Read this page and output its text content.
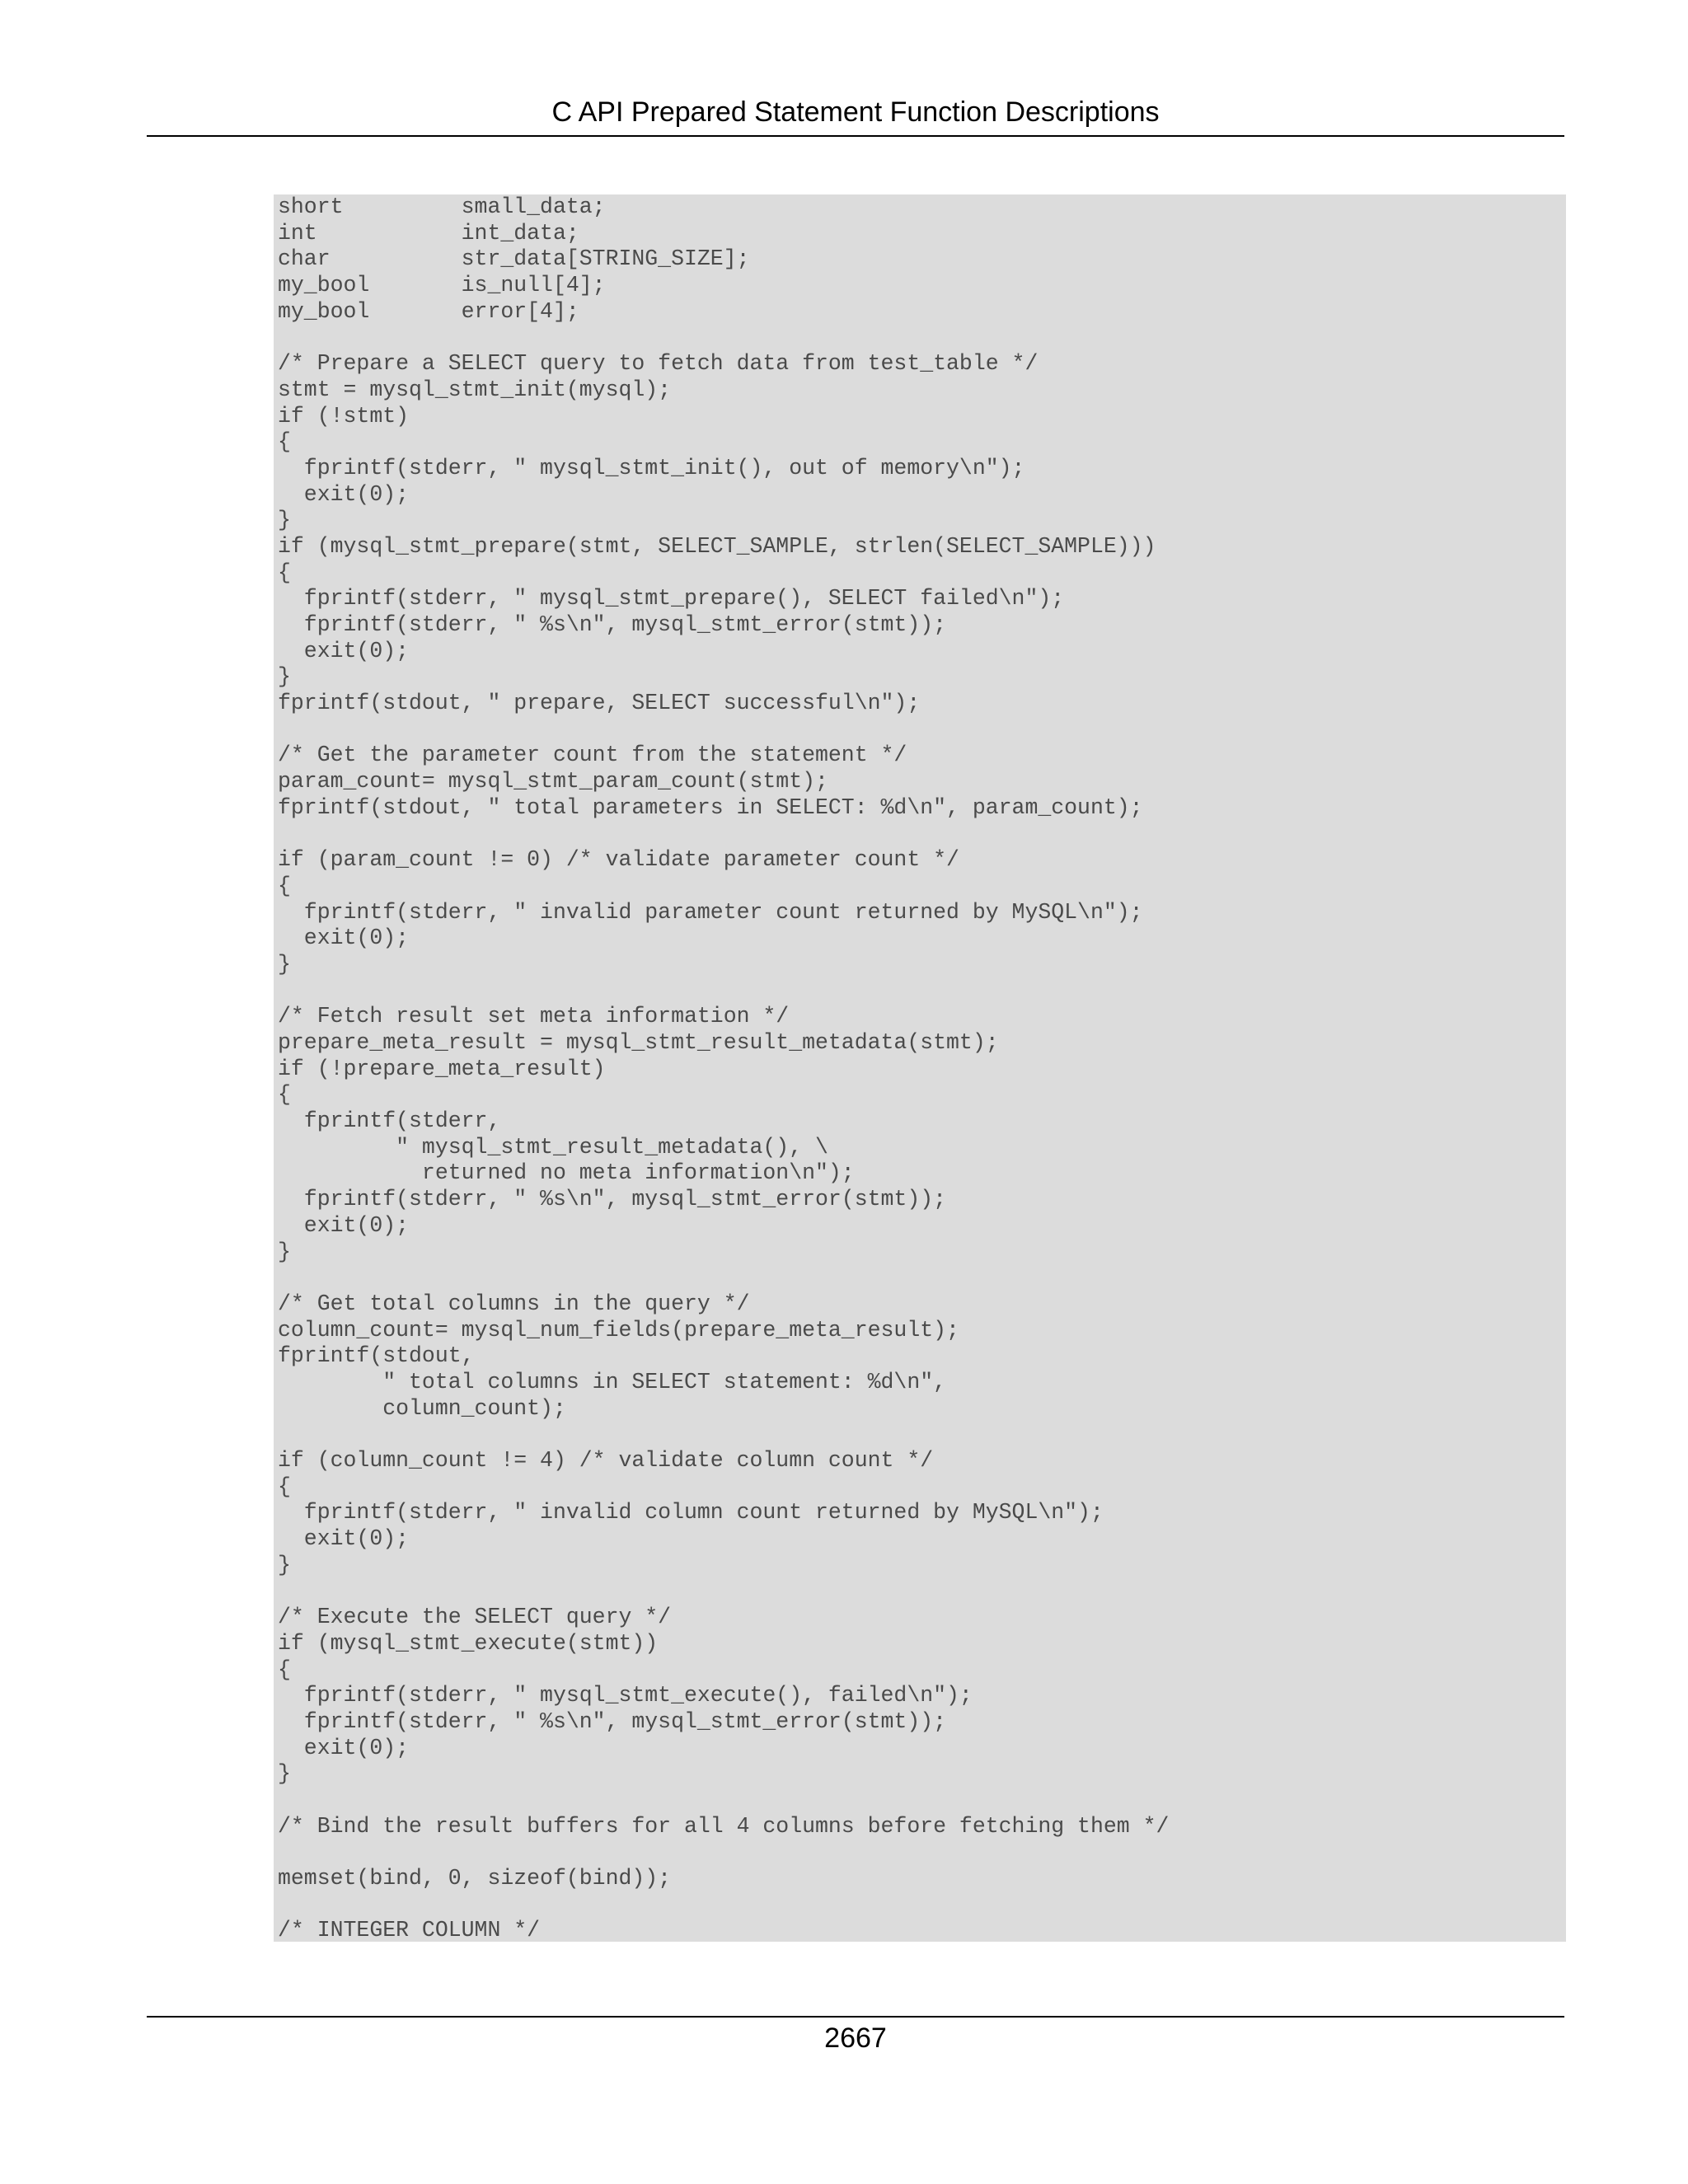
C API Prepared Statement Function Descriptions
short         small_data;
int           int_data;
char          str_data[STRING_SIZE];
my_bool       is_null[4];
my_bool       error[4];
/* Prepare a SELECT query to fetch data from test_table */
stmt = mysql_stmt_init(mysql);
if (!stmt)
{
fprintf(stderr, " mysql_stmt_init(), out of memory\n");
exit(0);
}
if (mysql_stmt_prepare(stmt, SELECT_SAMPLE, strlen(SELECT_SAMPLE)))
{
fprintf(stderr, " mysql_stmt_prepare(), SELECT failed\n");
fprintf(stderr, " %s\n", mysql_stmt_error(stmt));
exit(0);
}
fprintf(stdout, " prepare, SELECT successful\n");
/* Get the parameter count from the statement */
param_count= mysql_stmt_param_count(stmt);
fprintf(stdout, " total parameters in SELECT: %d\n", param_count);
if (param_count != 0) /* validate parameter count */
{
fprintf(stderr, " invalid parameter count returned by MySQL\n");
exit(0);
}
/* Fetch result set meta information */
prepare_meta_result = mysql_stmt_result_metadata(stmt);
if (!prepare_meta_result)
{
fprintf(stderr,
" mysql_stmt_result_metadata(), \
returned no meta information\n");
fprintf(stderr, " %s\n", mysql_stmt_error(stmt));
exit(0);
}
/* Get total columns in the query */
column_count= mysql_num_fields(prepare_meta_result);
fprintf(stdout,
" total columns in SELECT statement: %d\n",
column_count);
if (column_count != 4) /* validate column count */
{
fprintf(stderr, " invalid column count returned by MySQL\n");
exit(0);
}
/* Execute the SELECT query */
if (mysql_stmt_execute(stmt))
{
fprintf(stderr, " mysql_stmt_execute(), failed\n");
fprintf(stderr, " %s\n", mysql_stmt_error(stmt));
exit(0);
}
/* Bind the result buffers for all 4 columns before fetching them */
memset(bind, 0, sizeof(bind));
/* INTEGER COLUMN */
2667
